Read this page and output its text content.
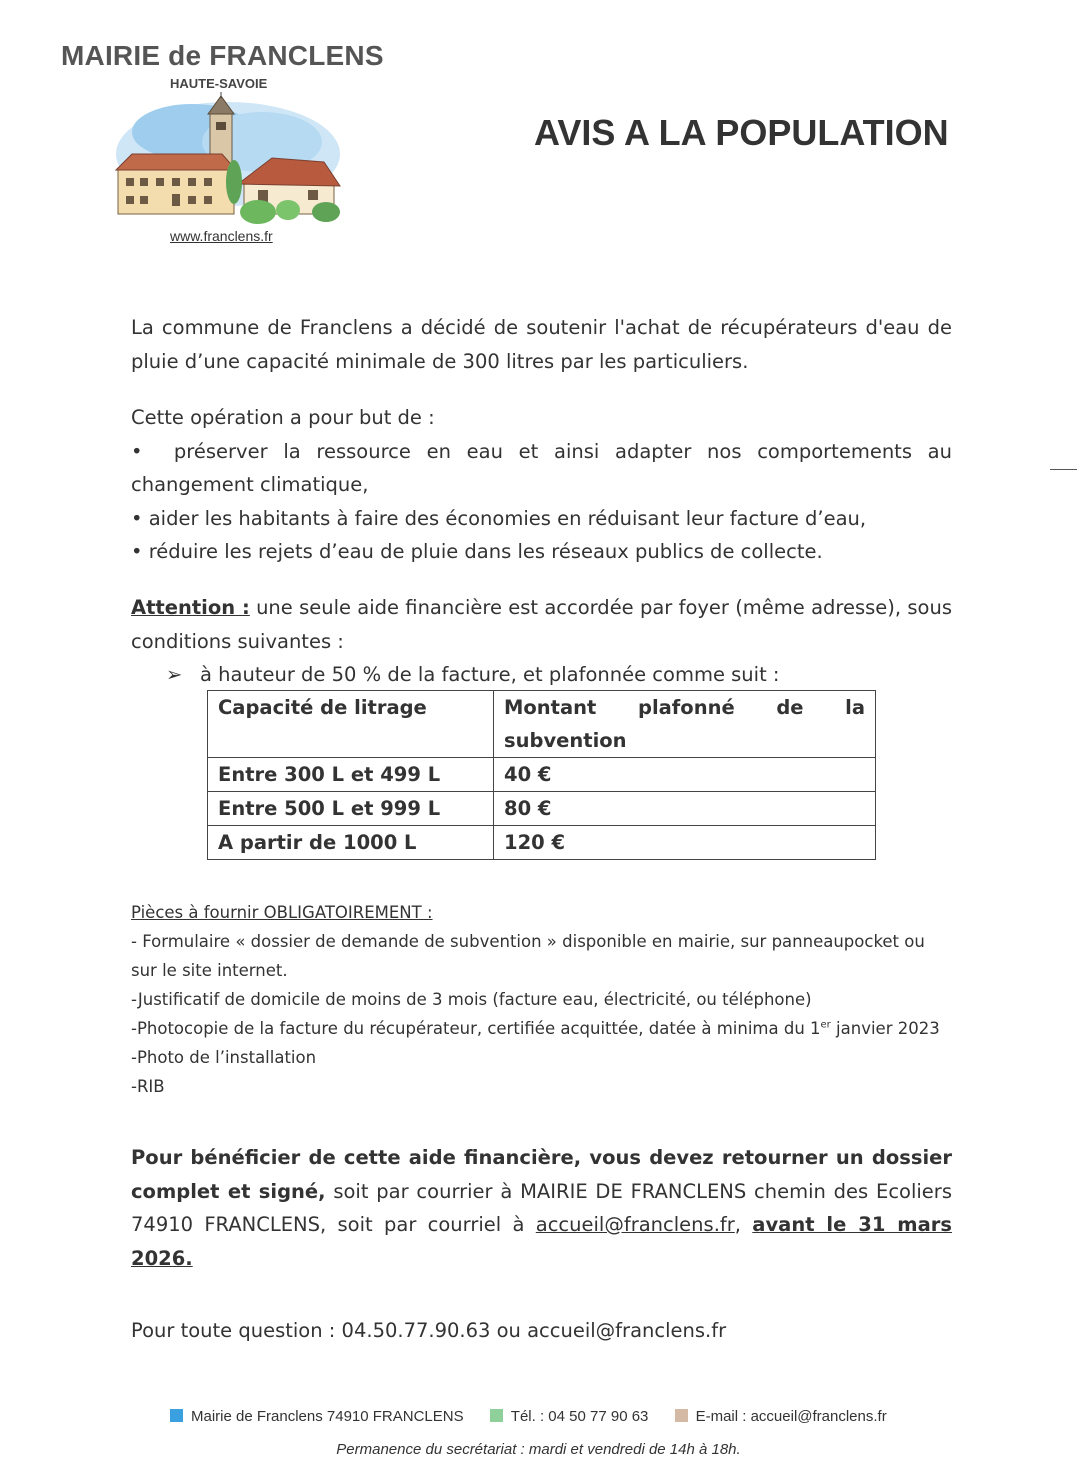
MAIRIE de FRANCLENS
HAUTE-SAVOIE
www.franclens.fr
AVIS A LA POPULATION
La commune de Franclens a décidé de soutenir l'achat de récupérateurs d'eau de pluie d’une capacité minimale de 300 litres par les particuliers.
Cette opération a pour but de :
•  préserver la ressource en eau et ainsi adapter nos comportements au changement climatique,
• aider les habitants à faire des économies en réduisant leur facture d’eau,
• réduire les rejets d’eau de pluie dans les réseaux publics de collecte.
Attention : une seule aide financière est accordée par foyer (même adresse), sous conditions suivantes :
➢ à hauteur de 50 % de la facture, et plafonnée comme suit :
Capacité de litrage	Montant plafonné de la subvention
Entre 300 L et 499 L	40 €
Entre 500 L et 999 L	80 €
A partir de 1000 L	120 €
Pièces à fournir OBLIGATOIREMENT :
- Formulaire « dossier de demande de subvention » disponible en mairie, sur panneaupocket ou sur le site internet.
-Justificatif de domicile de moins de 3 mois (facture eau, électricité, ou téléphone)
-Photocopie de la facture du récupérateur, certifiée acquittée, datée à minima du 1er janvier 2023
-Photo de l’installation
-RIB
Pour bénéficier de cette aide financière, vous devez retourner un dossier complet et signé, soit par courrier à MAIRIE DE FRANCLENS chemin des Ecoliers 74910 FRANCLENS, soit par courriel à accueil@franclens.fr, avant le 31 mars 2026.
Pour toute question : 04.50.77.90.63 ou accueil@franclens.fr
Mairie de Franclens 74910 FRANCLENS	Tél. : 04 50 77 90 63	E-mail : accueil@franclens.fr
Permanence du secrétariat : mardi et vendredi de 14h à 18h.
